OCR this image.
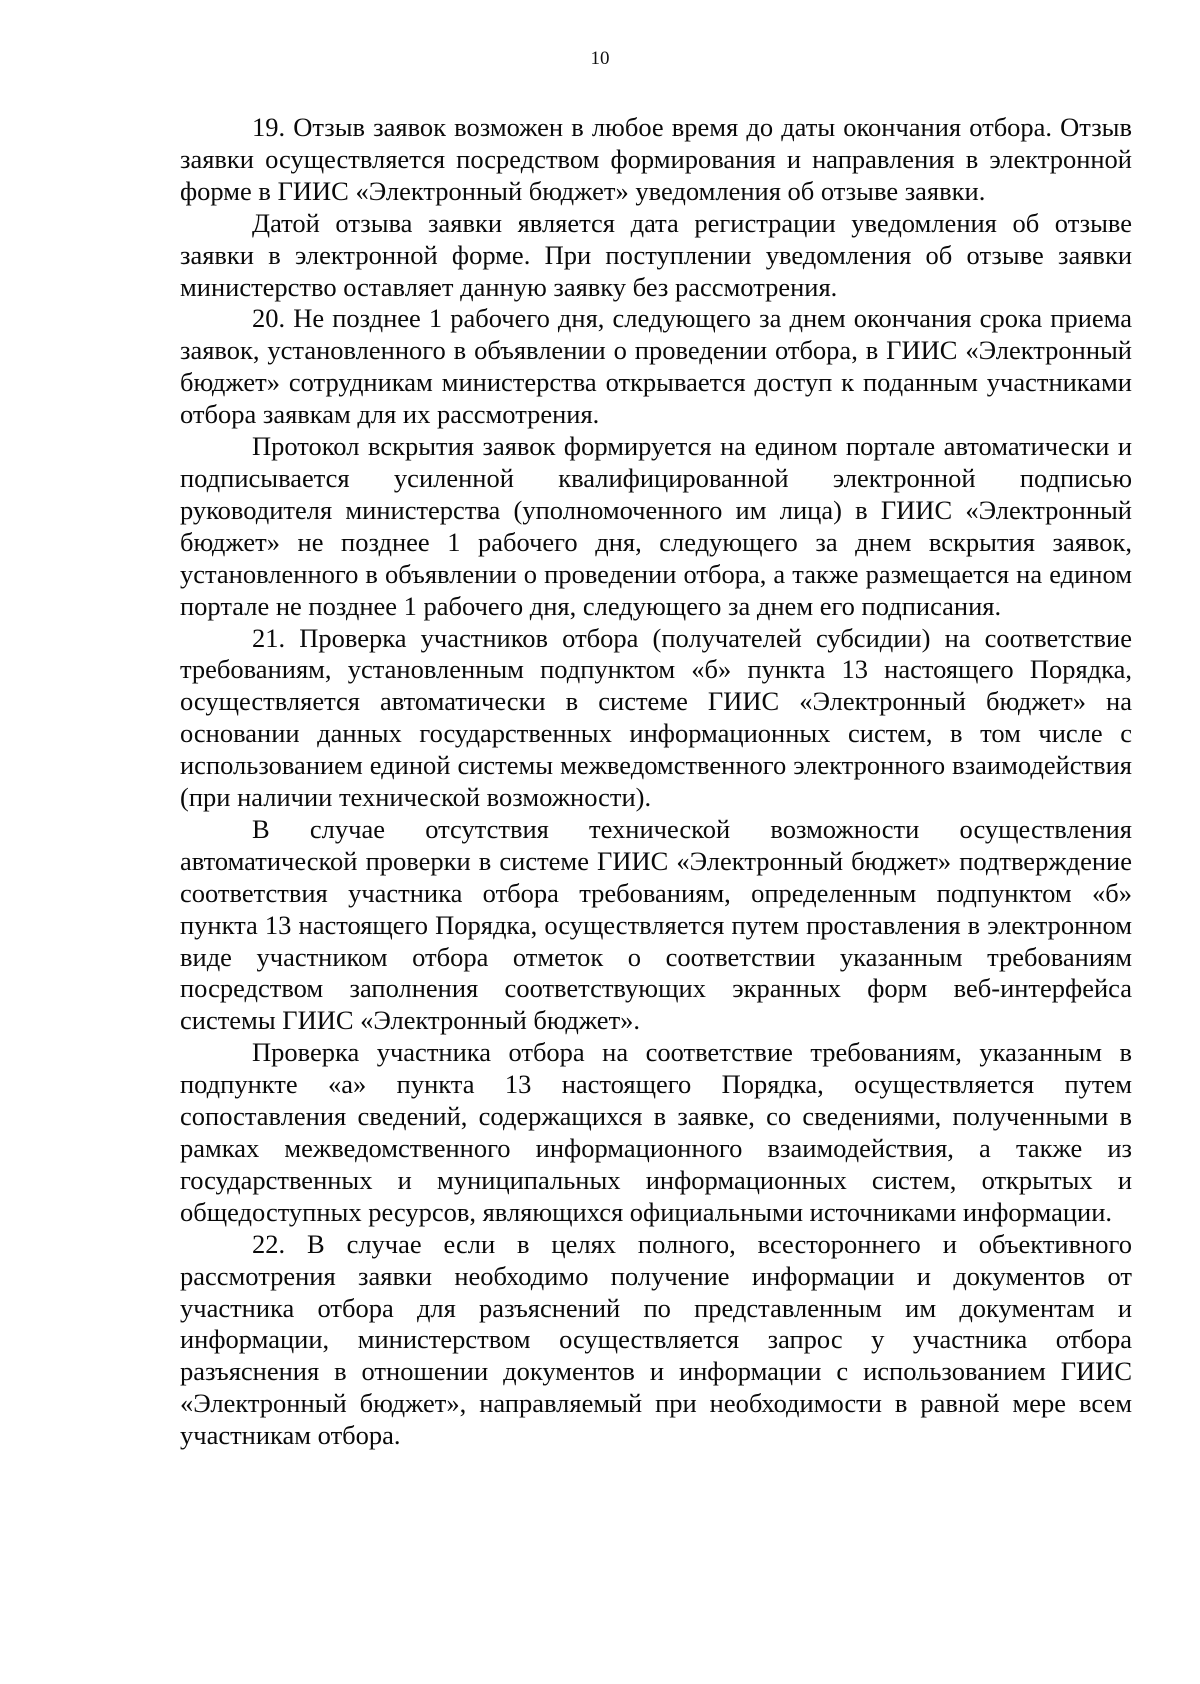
10

19. Отзыв заявок возможен в любое время до даты окончания отбора. Отзыв заявки осуществляется посредством формирования и направления в электронной форме в ГИИС «Электронный бюджет» уведомления об отзыве заявки.

Датой отзыва заявки является дата регистрации уведомления об отзыве заявки в электронной форме. При поступлении уведомления об отзыве заявки министерство оставляет данную заявку без рассмотрения.

20. Не позднее 1 рабочего дня, следующего за днем окончания срока приема заявок, установленного в объявлении о проведении отбора, в ГИИС «Электронный бюджет» сотрудникам министерства открывается доступ к поданным участниками отбора заявкам для их рассмотрения.

Протокол вскрытия заявок формируется на едином портале автоматически и подписывается усиленной квалифицированной электронной подписью руководителя министерства (уполномоченного им лица) в ГИИС «Электронный бюджет» не позднее 1 рабочего дня, следующего за днем вскрытия заявок, установленного в объявлении о проведении отбора, а также размещается на едином портале не позднее 1 рабочего дня, следующего за днем его подписания.

21. Проверка участников отбора (получателей субсидии) на соответствие требованиям, установленным подпунктом «б» пункта 13 настоящего Порядка, осуществляется автоматически в системе ГИИС «Электронный бюджет» на основании данных государственных информационных систем, в том числе с использованием единой системы межведомственного электронного взаимодействия (при наличии технической возможности).

В случае отсутствия технической возможности осуществления автоматической проверки в системе ГИИС «Электронный бюджет» подтверждение соответствия участника отбора требованиям, определенным подпунктом «б» пункта 13 настоящего Порядка, осуществляется путем проставления в электронном виде участником отбора отметок о соответствии указанным требованиям посредством заполнения соответствующих экранных форм веб-интерфейса системы ГИИС «Электронный бюджет».

Проверка участника отбора на соответствие требованиям, указанным в подпункте «а» пункта 13 настоящего Порядка, осуществляется путем сопоставления сведений, содержащихся в заявке, со сведениями, полученными в рамках межведомственного информационного взаимодействия, а также из государственных и муниципальных информационных систем, открытых и общедоступных ресурсов, являющихся официальными источниками информации.

22. В случае если в целях полного, всестороннего и объективного рассмотрения заявки необходимо получение информации и документов от участника отбора для разъяснений по представленным им документам и информации, министерством осуществляется запрос у участника отбора разъяснения в отношении документов и информации с использованием ГИИС «Электронный бюджет», направляемый при необходимости в равной мере всем участникам отбора.
